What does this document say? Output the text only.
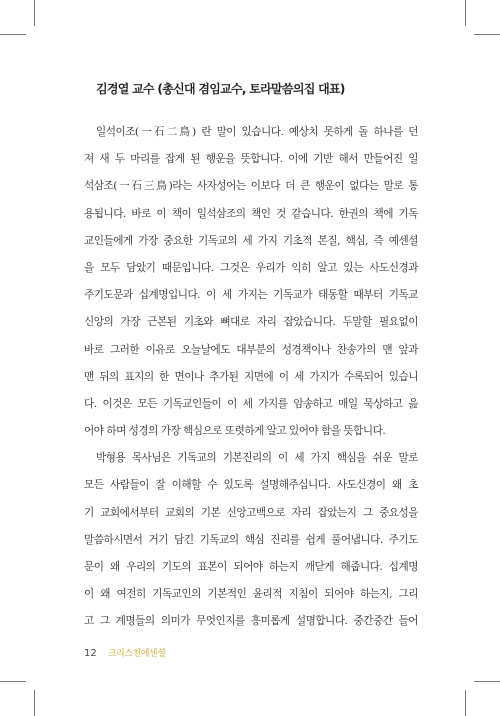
김경열 교수 (총신대 겸임교수, 토라말씀의집 대표)
일석이조(一石二鳥) 란 말이 있습니다. 예상치 못하게 돌 하나를 던
져 새 두 마리를 잡게 된 행운을 뜻합니다. 이에 기반 해서 만들어진 일
석삼조(一石三鳥)라는 사자성어는 이보다 더 큰 행운이 없다는 말로 통
용됩니다. 바로 이 책이 일석삼조의 책인 것 같습니다. 한권의 책에 기독
교인들에게 가장 중요한 기독교의 세 가지 기초적 본질, 핵심, 즉 예센셜
을 모두 담았기 때문입니다. 그것은 우리가 익히 알고 있는 사도신경과
주기도문과 십계명입니다. 이 세 가지는 기독교가 태동할 때부터 기독교
신앙의 가장 근본된 기초와 뼈대로 자리 잡았습니다. 두말할 필요없이
바로 그러한 이유로 오늘날에도 대부분의 성경책이나 찬송가의 맨 앞과
맨 뒤의 표지의 한 면이나 추가된 지면에 이 세 가지가 수록되어 있습니
다. 이것은 모든 기독교인들이 이 세 가지를 암송하고 매일 묵상하고 읊
어야 하며 성경의 가장 핵심으로 또렷하게 알고 있어야 함을 뜻합니다.
박형용 목사님은 기독교의 기본진리의 이 세 가지 핵심을 쉬운 말로
모든 사람들이 잘 이해할 수 있도록 설명해주십니다. 사도신경이 왜 초
기 교회에서부터 교회의 기본 신앙고백으로 자리 잡았는지 그 중요성을
말씀하시면서 거기 담긴 기독교의 핵심 진리를 쉽게 풀어냅니다. 주기도
문이 왜 우리의 기도의 표본이 되어야 하는지 깨닫게 해줍니다. 십계명
이 왜 여전히 기독교인의 기본적인 윤리적 지침이 되어야 하는지, 그리
고 그 계명들의 의미가 무엇인지를 흥미롭게 설명합니다. 중간중간 들어
12 크리스천에센셜
